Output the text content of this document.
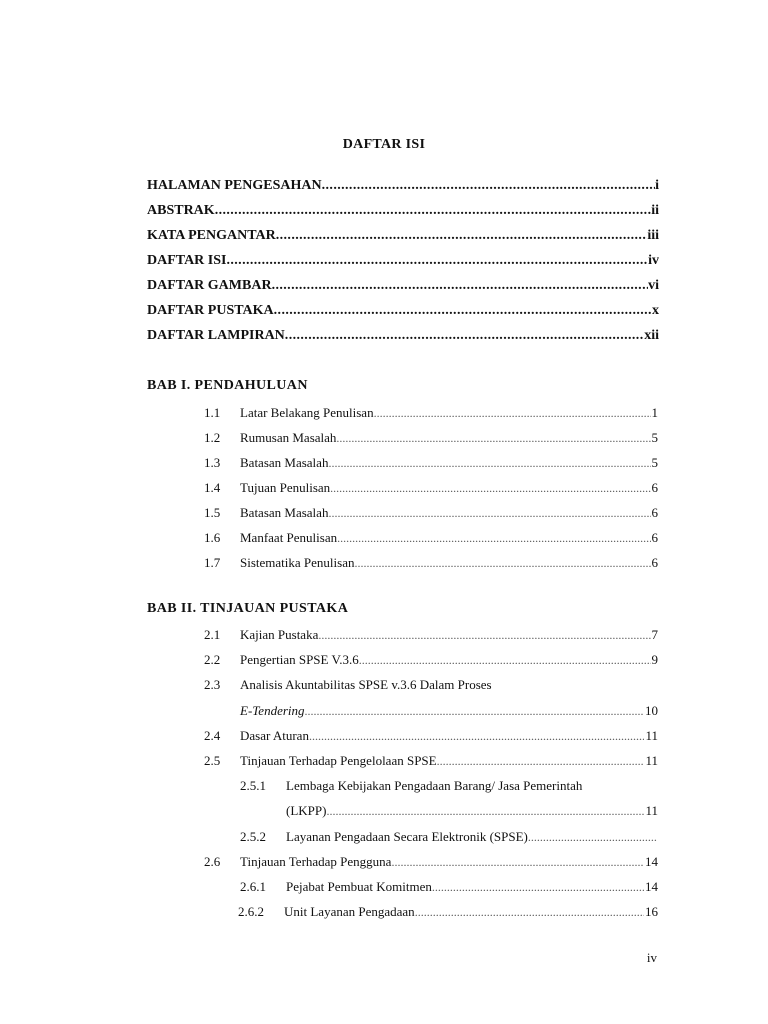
DAFTAR ISI
HALAMAN PENGESAHAN .....	i
ABSTRAK .....	ii
KATA PENGANTAR .....	iii
DAFTAR ISI .....	iv
DAFTAR GAMBAR .....	vi
DAFTAR PUSTAKA .....	x
DAFTAR LAMPIRAN .....	xii
BAB I. PENDAHULUAN
1.1	Latar Belakang Penulisan .....	1
1.2	Rumusan Masalah .....	5
1.3	Batasan Masalah .....	5
1.4	Tujuan Penulisan .....	6
1.5	Batasan Masalah .....	6
1.6	Manfaat Penulisan .....	6
1.7	Sistematika Penulisan .....	6
BAB II. TINJAUAN PUSTAKA
2.1	Kajian Pustaka .....	7
2.2	Pengertian SPSE V.3.6 .....	9
2.3	Analisis Akuntabilitas SPSE v.3.6 Dalam Proses
E-Tendering .....	10
2.4	Dasar Aturan .....	11
2.5	Tinjauan Terhadap Pengelolaan SPSE .....	11
2.5.1	Lembaga Kebijakan Pengadaan Barang/ Jasa Pemerintah
(LKPP) .....	11
2.5.2	Layanan Pengadaan Secara Elektronik (SPSE)
.....
2.6	Tinjauan Terhadap Pengguna .....	14
2.6.1	Pejabat Pembuat Komitmen .....	14
2.6.2	Unit Layanan Pengadaan .....	16
iv
